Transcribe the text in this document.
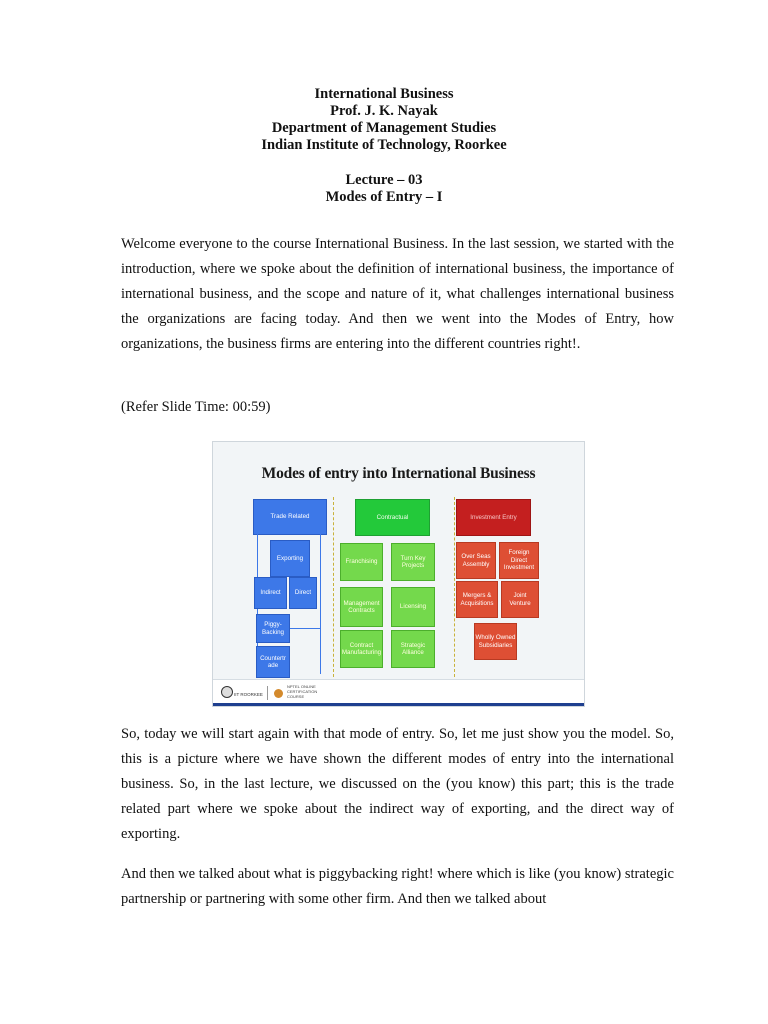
International Business
Prof. J. K. Nayak
Department of Management Studies
Indian Institute of Technology, Roorkee
Lecture – 03
Modes of Entry – I

Welcome everyone to the course International Business. In the last session, we started with the introduction, where we spoke about the definition of international business, the importance of international business, and the scope and nature of it, what challenges international business the organizations are facing today. And then we went into the Modes of Entry, how organizations, the business firms are entering into the different countries right!.

(Refer Slide Time: 00:59)
Modes of entry into International Business
Trade Related
Exporting
Indirect	Direct
Piggy-Backing
Countertr ade
Contractual
Franchising
Turn Key Projects
Management Contracts
Licensing
Contract Manufacturing
Strategic Alliance
Investment Entry
Over Seas Assembly
Foreign Direct Investment
Mergers & Acquisitions
Joint Venture
Wholly Owned Subsidiaries
IIT ROORKEE
NPTEL ONLINE CERTIFICATION COURSE

So, today we will start again with that mode of entry. So, let me just show you the model. So, this is a picture where we have shown the different modes of entry into the international business. So, in the last lecture, we discussed on the (you know) this part; this is the trade related part where we spoke about the indirect way of exporting, and the direct way of exporting.

And then we talked about what is piggybacking right! where which is like (you know) strategic partnership or partnering with some other firm. And then we talked about
